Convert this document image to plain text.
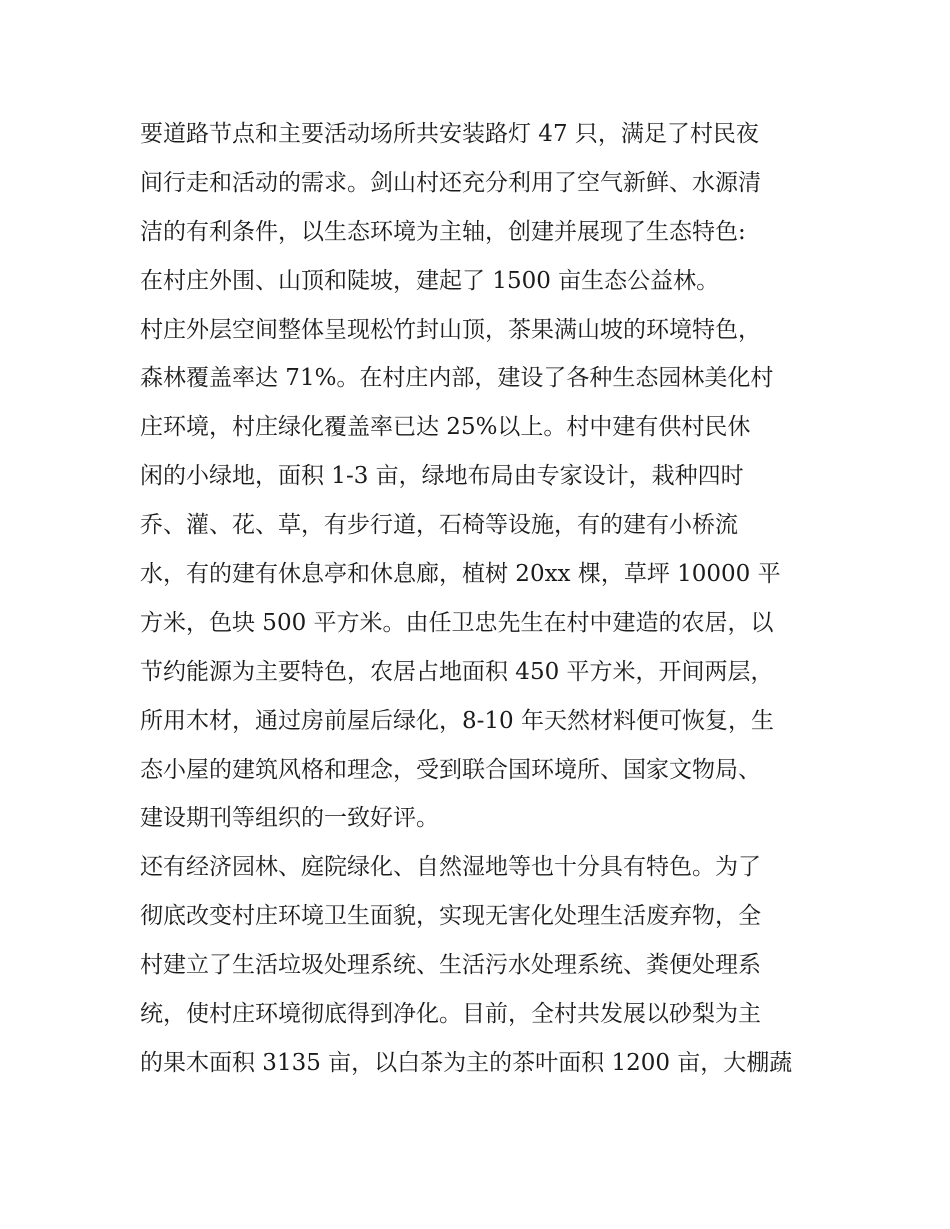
要道路节点和主要活动场所共安装路灯 47 只，满足了村民夜
间行走和活动的需求。剑山村还充分利用了空气新鲜、水源清
洁的有利条件，以生态环境为主轴，创建并展现了生态特色:
在村庄外围、山顶和陡坡，建起了 1500 亩生态公益林。
村庄外层空间整体呈现松竹封山顶，茶果满山坡的环境特色，
森林覆盖率达 71%。在村庄内部，建设了各种生态园林美化村
庄环境，村庄绿化覆盖率已达 25%以上。村中建有供村民休
闲的小绿地，面积 1-3 亩，绿地布局由专家设计，栽种四时
乔、灌、花、草，有步行道，石椅等设施，有的建有小桥流
水，有的建有休息亭和休息廊，植树 20xx 棵，草坪 10000 平
方米，色块 500 平方米。由任卫忠先生在村中建造的农居，以
节约能源为主要特色，农居占地面积 450 平方米，开间两层，
所用木材，通过房前屋后绿化，8-10 年天然材料便可恢复，生
态小屋的建筑风格和理念，受到联合国环境所、国家文物局、
建设期刊等组织的一致好评。
还有经济园林、庭院绿化、自然湿地等也十分具有特色。为了
彻底改变村庄环境卫生面貌，实现无害化处理生活废弃物，全
村建立了生活垃圾处理系统、生活污水处理系统、粪便处理系
统，使村庄环境彻底得到净化。目前，全村共发展以砂梨为主
的果木面积 3135 亩，以白茶为主的茶叶面积 1200 亩，大棚蔬
